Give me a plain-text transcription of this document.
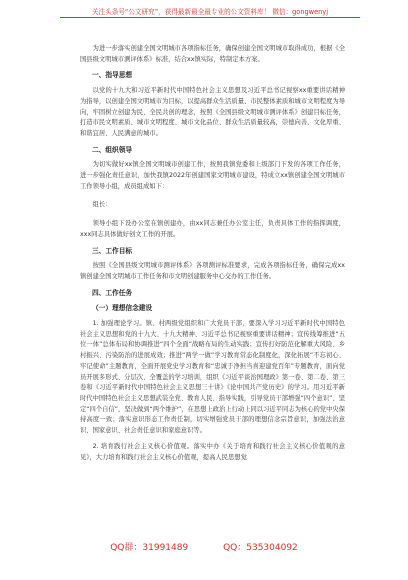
关注头条号“公文研究”，获得最新最全最专业的公文资料库！ 微信：gongwenyj

为进一步落实创建全国文明城市各项指标任务，确保创建全国文明城市取得成功，根据《全国县级文明城市测评体系》标准，结合xx镇实际，特制定本方案。

一、指导思想

以党的十九大和习近平新时代中国特色社会主义思想及习近平总书记视察xx重要讲话精神为指导，以创建全国文明城市为目标，以提高群众生活质量、市民整体素质和城市文明程度为导向，牢固树立创建为民、全民共创的理念，按照《全国县级文明城市测评体系》创建目标任务，打造市民文明素质、城市文明程度、城市文化品位、群众生活质量较高，崇德向善、文化厚重、和谐宜居、人民满意的城市。

二、组织领导

为切实做好xx镇全国文明城市创建工作，按照我镇党委和上级部门下发的各项工作任务，进一步强化责任意识，加快我镇2022年创建国家文明城市建设，特成立xx镇创建全国文明城市工作领导小组，成员组成如下：

组长：

领导小组下设办公室在镇创建办，由xx同志兼任办公室主任，负责具体工作的指挥调度，xxx同志具体做好创文工作的开展。

三、工作目标

按照《全国县级文明城市测评体系》各项测评标准要求，完成各项指标任务，确保完成xx镇创建全国文明城市工作任务和市文明创建服务中心交办的工作任务。

四、工作任务

（一）理想信念建设

1. 加强理论学习。镇、村两级党组织和广大党员干部，要深入学习习近平新时代中国特色社会主义思想和党的十九大、十九大精神、习近平总书记视察重要讲话精神；宣传线筹推进“五位一体”总体布局和协调推进“四个全面”战略布局的生动实践；宣传打好防范化解重大风险、乡村振兴、污染防治的进展成效；推进“两学一做”学习教育常态化制度化，深化拓展“不忘初心、牢记使命”主题教育，全面开展党史学习教育和“忠诚于净担当喜迎建党百年”专题教育，面向党员开展多形式、分层次、全覆盖的学习培训，组织《习近平谈治国理政》第一卷、第二卷、第三卷和《习近平新时代中国特色社会主义思想三十讲》《论中国共产党历史》的学习。用习近平新时代中国特色社会主义思想武装全党、教育人民、指导实践，引导党员干部增强“四个意识”、坚定“四个自信”，坚决做到“两个维护”，在思想上政治上行动上同以习近平同志为核心的党中央保持高度一致；落实意识形态工作责任制，切实增强党员干部的理想信念宗旨意识，加强法治意识、国家意识、社会责任意识和家庭意识等。

2. 培育践行社会主义核心价值观。落实中办《关于培育和践行社会主义核心价值观的意见》，大力培育和践行社会主义核心价值观，提高人民思想觉

QQ群：31991489	QQ：535304092
